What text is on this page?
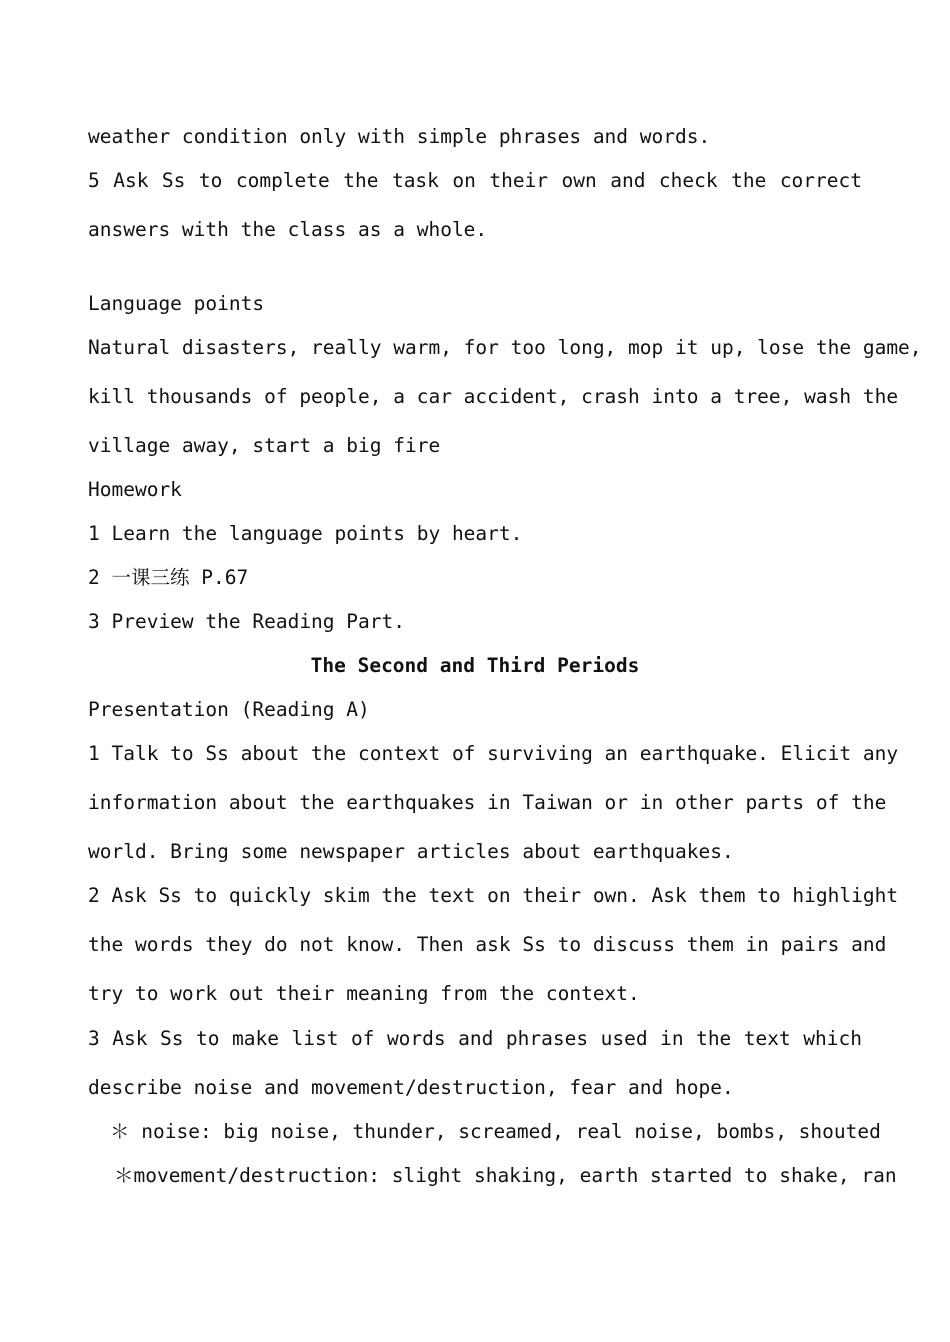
weather condition only with simple phrases and words.
5 Ask Ss to complete the task on their own and check the correct
answers with the class as a whole.
Language points
Natural disasters, really warm, for too long, mop it up, lose the game,
kill thousands of people, a car accident, crash into a tree, wash the
village away, start a big fire
Homework
1 Learn the language points by heart.
2 一课三练 P.67
3 Preview the Reading Part.
The Second and Third Periods
Presentation (Reading A)
1 Talk to Ss about the context of surviving an earthquake. Elicit any
information about the earthquakes in Taiwan or in other parts of the
world. Bring some newspaper articles about earthquakes.
2 Ask Ss to quickly skim the text on their own. Ask them to highlight
the words they do not know. Then ask Ss to discuss them in pairs and
try to work out their meaning from the context.
3 Ask Ss to make list of words and phrases used in the text which
describe noise and movement/destruction, fear and hope.
＊ noise: big noise, thunder, screamed, real noise, bombs, shouted
＊movement/destruction: slight shaking, earth started to shake, ran
